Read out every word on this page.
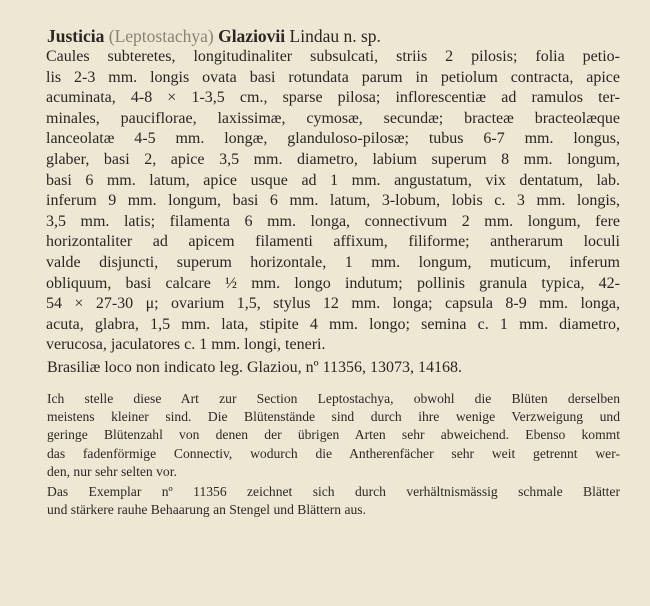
Justicia (Leptostachya) Glaziovii Lindau n. sp.
Caules subteretes, longitudinaliter subsulcati, striis 2 pilosis; folia petio-
lis 2-3 mm. longis ovata basi rotundata parum in petiolum contracta, apice
acuminata, 4-8 × 1-3,5 cm., sparse pilosa; inflorescentiæ ad ramulos ter-
minales, pauciflorae, laxissimæ, cymosæ, secundæ; bracteæ bracteolæque
lanceolatæ 4-5 mm. longæ, glanduloso-pilosæ; tubus 6-7 mm. longus,
glaber, basi 2, apice 3,5 mm. diametro, labium superum 8 mm. longum,
basi 6 mm. latum, apice usque ad 1 mm. angustatum, vix dentatum, lab.
inferum 9 mm. longum, basi 6 mm. latum, 3-lobum, lobis c. 3 mm. longis,
3,5 mm. latis; filamenta 6 mm. longa, connectivum 2 mm. longum, fere
horizontaliter ad apicem filamenti affixum, filiforme; antherarum loculi
valde disjuncti, superum horizontale, 1 mm. longum, muticum, inferum
obliquum, basi calcare ½ mm. longo indutum; pollinis granula typica, 42-
54 × 27-30 μ; ovarium 1,5, stylus 12 mm. longa; capsula 8-9 mm. longa,
acuta, glabra, 1,5 mm. lata, stipite 4 mm. longo; semina c. 1 mm. diametro,
verucosa, jaculatores c. 1 mm. longi, teneri.
Brasiliæ loco non indicato leg. Glaziou, nº 11356, 13073, 14168.
Ich stelle diese Art zur Section Leptostachya, obwohl die Blüten derselben
meistens kleiner sind. Die Blütenstände sind durch ihre wenige Verzweigung und
geringe Blütenzahl von denen der übrigen Arten sehr abweichend. Ebenso kommt
das fadenförmige Connectiv, wodurch die Antherenfächer sehr weit getrennt wer-
den, nur sehr selten vor.
Das Exemplar nº 11356 zeichnet sich durch verhältnismässig schmale Blätter
und stärkere rauhe Behaarung an Stengel und Blättern aus.
